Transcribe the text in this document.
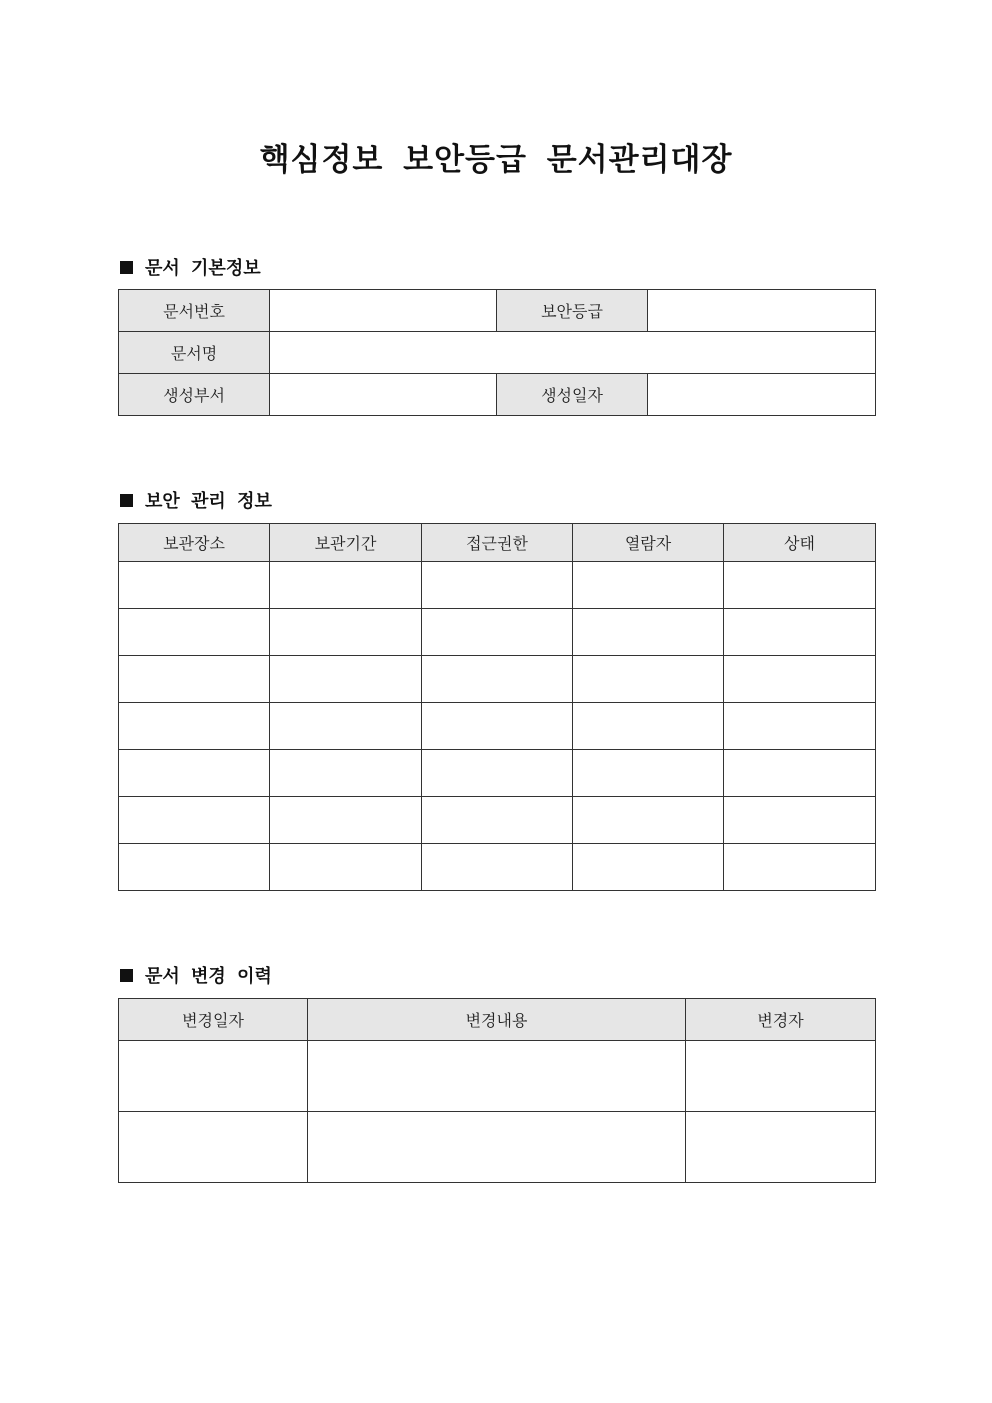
핵심정보 보안등급 문서관리대장
문서 기본정보
문서번호		보안등급	
문서명			
생성부서		생성일자	
보안 관리 정보
보관장소	보관기간	접근권한	열람자	상태

문서 변경 이력
변경일자	변경내용	변경자
